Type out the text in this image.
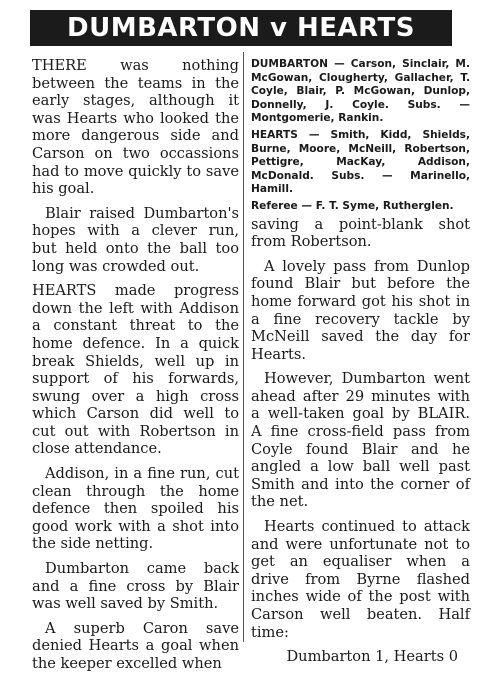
DUMBARTON v HEARTS

THERE was nothing between the teams in the early stages, although it was Hearts who looked the more dangerous side and Carson on two occassions had to move quickly to save his goal.

Blair raised Dumbarton's hopes with a clever run, but held onto the ball too long was crowded out.

HEARTS made progress down the left with Addison a constant threat to the home defence. In a quick break Shields, well up in support of his forwards, swung over a high cross which Carson did well to cut out with Robertson in close attendance.

Addison, in a fine run, cut clean through the home defence then spoiled his good work with a shot into the side netting.

Dumbarton came back and a fine cross by Blair was well saved by Smith.

A superb Caron save denied Hearts a goal when the keeper excelled when

DUMBARTON — Carson, Sinclair, M. McGowan, Clougherty, Gallacher, T. Coyle, Blair, P. McGowan, Dunlop, Donnelly, J. Coyle. Subs. — Montgomerie, Rankin.
HEARTS — Smith, Kidd, Shields, Burne, Moore, McNeill, Robertson, Pettigre, MacKay, Addison, McDonald. Subs. — Marinello, Hamill.
Referee — F. T. Syme, Rutherglen.

saving a point-blank shot from Robertson.

A lovely pass from Dunlop found Blair but before the home forward got his shot in a fine recovery tackle by McNeill saved the day for Hearts.

However, Dumbarton went ahead after 29 minutes with a well-taken goal by BLAIR. A fine cross-field pass from Coyle found Blair and he angled a low ball well past Smith and into the corner of the net.

Hearts continued to attack and were unfortunate not to get an equaliser when a drive from Byrne flashed inches wide of the post with Carson well beaten. Half time:

Dumbarton 1, Hearts 0
